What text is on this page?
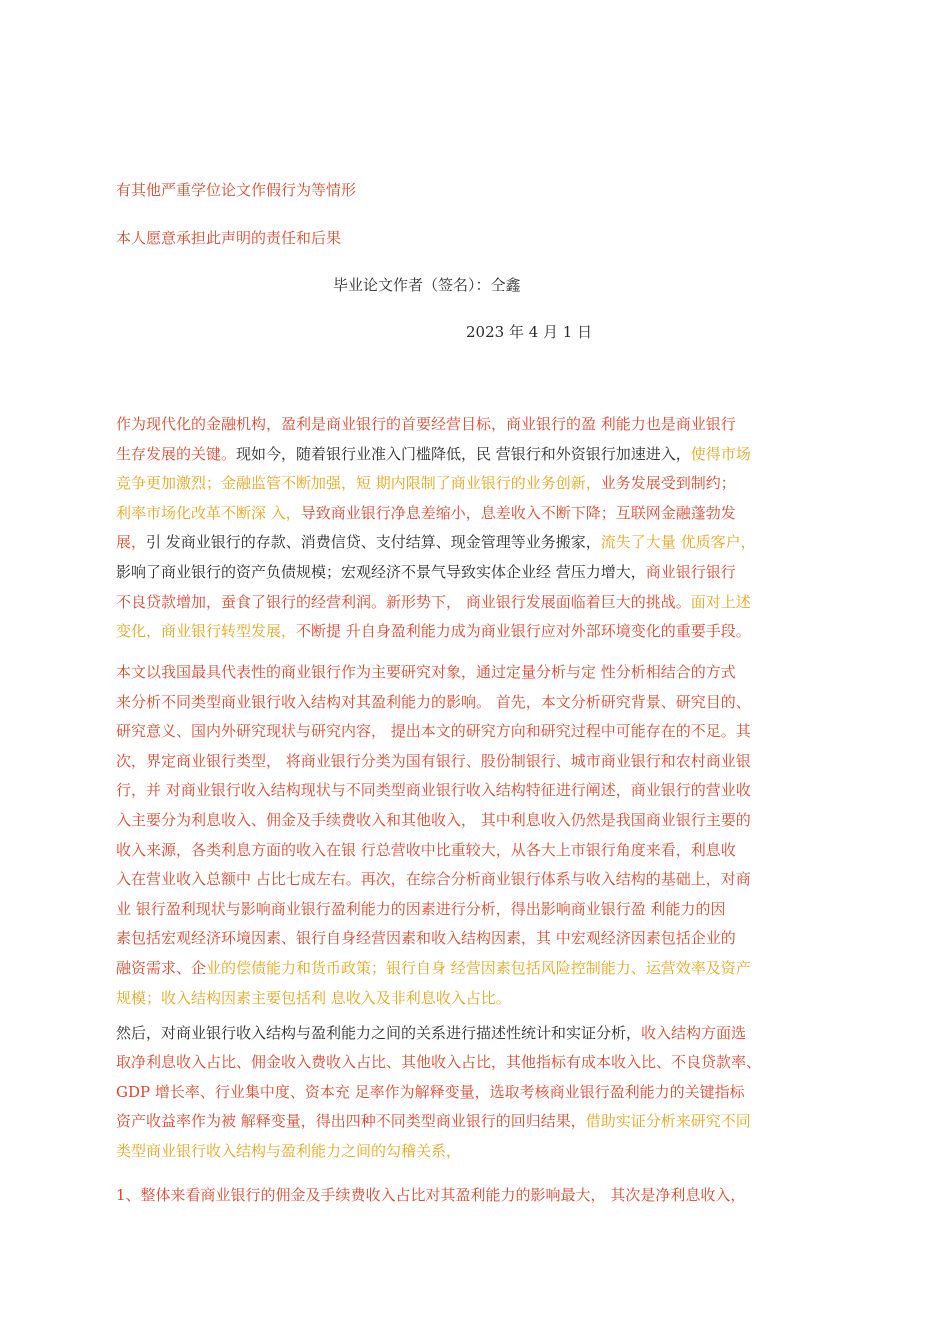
有其他严重学位论文作假行为等情形
本人愿意承担此声明的责任和后果
毕业论文作者（签名）：仝鑫
2023 年 4 月 1 日
作为现代化的金融机构，盈利是商业银行的首要经营目标，商业银行的盈 利能力也是商业银行
生存发展的关键。现如今，随着银行业准入门槛降低，民 营银行和外资银行加速进入，使得市场
竞争更加激烈；金融监管不断加强，短 期内限制了商业银行的业务创新，业务发展受到制约；
利率市场化改革不断深 入，导致商业银行净息差缩小，息差收入不断下降；互联网金融蓬勃发
展，引 发商业银行的存款、消费信贷、支付结算、现金管理等业务搬家，流失了大量 优质客户，
影响了商业银行的资产负债规模；宏观经济不景气导致实体企业经 营压力增大，商业银行银行
不良贷款增加，蚕食了银行的经营利润。新形势下， 商业银行发展面临着巨大的挑战。面对上述
变化，商业银行转型发展，不断提 升自身盈利能力成为商业银行应对外部环境变化的重要手段。
本文以我国最具代表性的商业银行作为主要研究对象，通过定量分析与定 性分析相结合的方式
来分析不同类型商业银行收入结构对其盈利能力的影响。 首先，本文分析研究背景、研究目的、
研究意义、国内外研究现状与研究内容， 提出本文的研究方向和研究过程中可能存在的不足。其
次，界定商业银行类型， 将商业银行分类为国有银行、股份制银行、城市商业银行和农村商业银
行，并 对商业银行收入结构现状与不同类型商业银行收入结构特征进行阐述，商业银行的营业收
入主要分为利息收入、佣金及手续费收入和其他收入， 其中利息收入仍然是我国商业银行主要的
收入来源，各类利息方面的收入在银 行总营收中比重较大，从各大上市银行角度来看，利息收
入在营业收入总额中 占比七成左右。再次，在综合分析商业银行体系与收入结构的基础上，对商
业 银行盈利现状与影响商业银行盈利能力的因素进行分析，得出影响商业银行盈 利能力的因
素包括宏观经济环境因素、银行自身经营因素和收入结构因素，其 中宏观经济因素包括企业的
融资需求、企业的偿债能力和货币政策；银行自身 经营因素包括风险控制能力、运营效率及资产
规模；收入结构因素主要包括利 息收入及非利息收入占比。
然后，对商业银行收入结构与盈利能力之间的关系进行描述性统计和实证分析，收入结构方面选
取净利息收入占比、佣金收入费收入占比、其他收入占比，其他指标有成本收入比、不良贷款率、
GDP 增长率、行业集中度、资本充 足率作为解释变量，选取考核商业银行盈利能力的关键指标
资产收益率作为被 解释变量，得出四种不同类型商业银行的回归结果，借助实证分析来研究不同
类型商业银行收入结构与盈利能力之间的勾稽关系，
1、整体来看商业银行的佣金及手续费收入占比对其盈利能力的影响最大， 其次是净利息收入，
